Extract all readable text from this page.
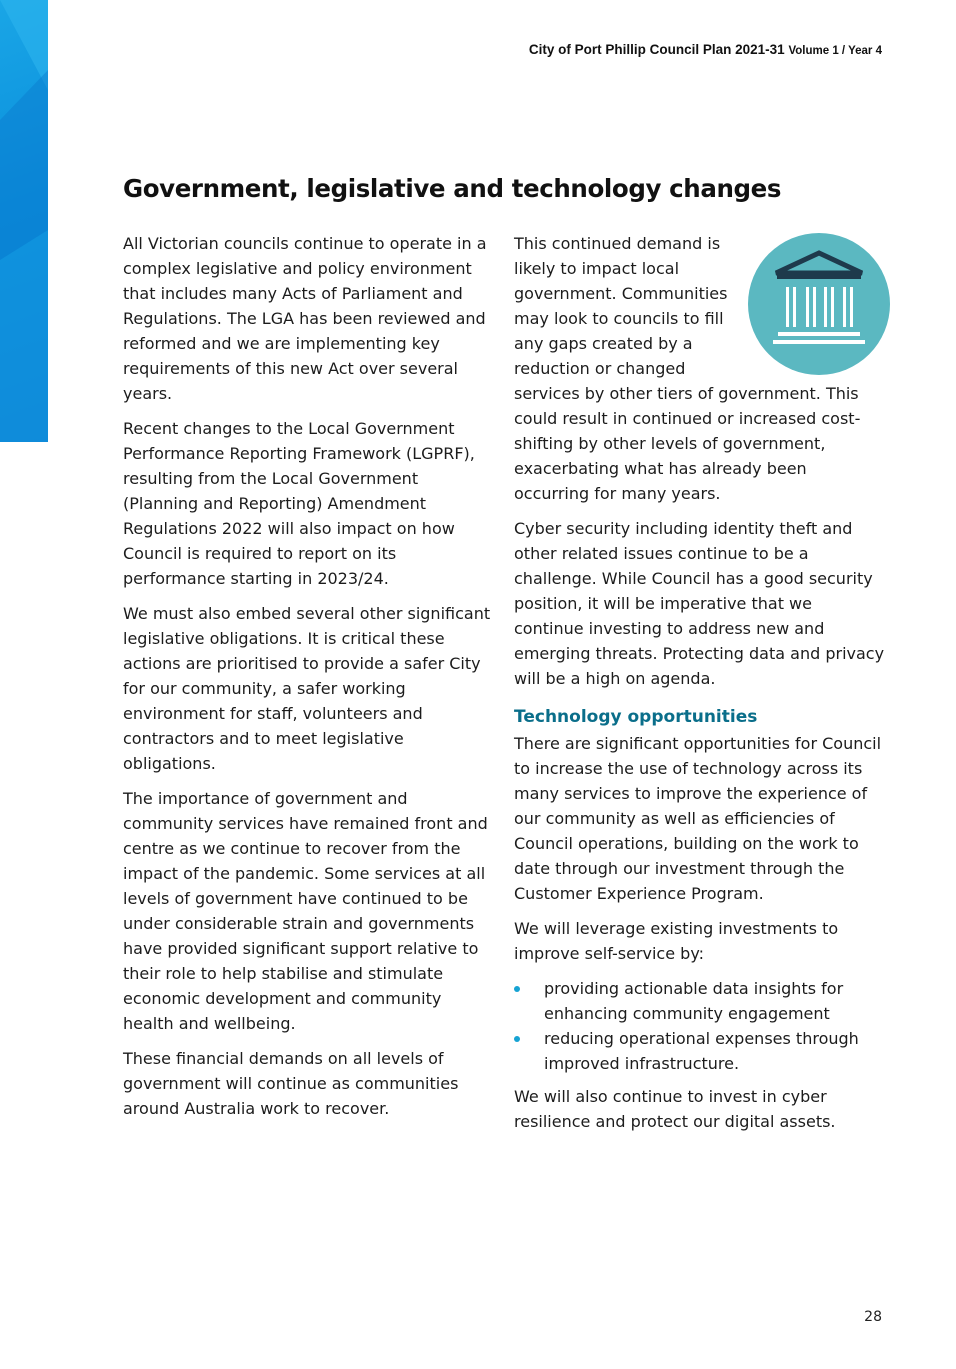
City of Port Phillip Council Plan 2021-31 Volume 1 / Year 4
Government, legislative and technology changes

All Victorian councils continue to operate in a complex legislative and policy environment that includes many Acts of Parliament and Regulations. The LGA has been reviewed and reformed and we are implementing key requirements of this new Act over several years.

Recent changes to the Local Government Performance Reporting Framework (LGPRF), resulting from the Local Government (Planning and Reporting) Amendment Regulations 2022 will also impact on how Council is required to report on its performance starting in 2023/24.

We must also embed several other significant legislative obligations. It is critical these actions are prioritised to provide a safer City for our community, a safer working environment for staff, volunteers and contractors and to meet legislative obligations.

The importance of government and community services have remained front and centre as we continue to recover from the impact of the pandemic. Some services at all levels of government have continued to be under considerable strain and governments have provided significant support relative to their role to help stabilise and stimulate economic development and community health and wellbeing.

These financial demands on all levels of government will continue as communities around Australia work to recover.

This continued demand is likely to impact local government. Communities may look to councils to fill any gaps created by a reduction or changed services by other tiers of government. This could result in continued or increased cost-shifting by other levels of government, exacerbating what has already been occurring for many years.

Cyber security including identity theft and other related issues continue to be a challenge. While Council has a good security position, it will be imperative that we continue investing to address new and emerging threats. Protecting data and privacy will be a high on agenda.

Technology opportunities

There are significant opportunities for Council to increase the use of technology across its many services to improve the experience of our community as well as efficiencies of Council operations, building on the work to date through our investment through the Customer Experience Program.

We will leverage existing investments to improve self-service by:

providing actionable data insights for enhancing community engagement
reducing operational expenses through improved infrastructure.

We will also continue to invest in cyber resilience and protect our digital assets.

28
